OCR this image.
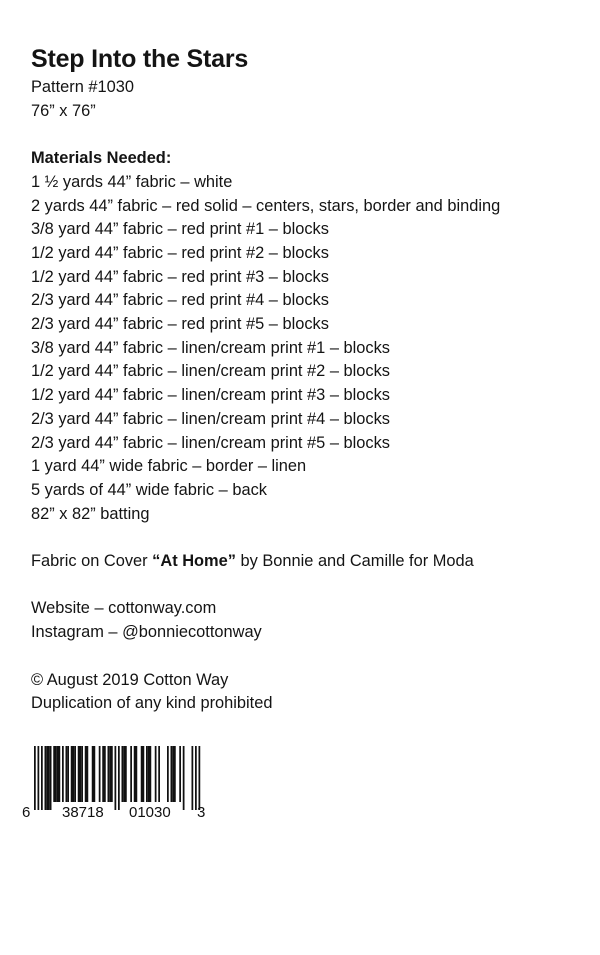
Step Into the Stars

Pattern #1030

76” x 76”

Materials Needed:

1 ½ yards 44” fabric – white

2 yards 44” fabric – red solid – centers, stars, border and binding

3/8 yard 44” fabric – red print #1 – blocks

1/2 yard 44” fabric – red print #2 – blocks

1/2 yard 44” fabric – red print #3 – blocks

2/3 yard 44” fabric – red print #4 – blocks

2/3 yard 44” fabric – red print #5 – blocks

3/8 yard 44” fabric – linen/cream print #1 – blocks

1/2 yard 44” fabric – linen/cream print #2 – blocks

1/2 yard 44” fabric – linen/cream print #3 – blocks

2/3 yard 44” fabric – linen/cream print #4 – blocks

2/3 yard 44” fabric – linen/cream print #5 – blocks

1 yard 44” wide fabric – border – linen

5 yards of 44” wide fabric – back

82” x 82” batting

Fabric on Cover “At Home” by Bonnie and Camille for Moda

Website – cottonway.com

Instagram – @bonniecottonway

© August 2019 Cotton Way

Duplication of any kind prohibited

6 38718 01030 3
